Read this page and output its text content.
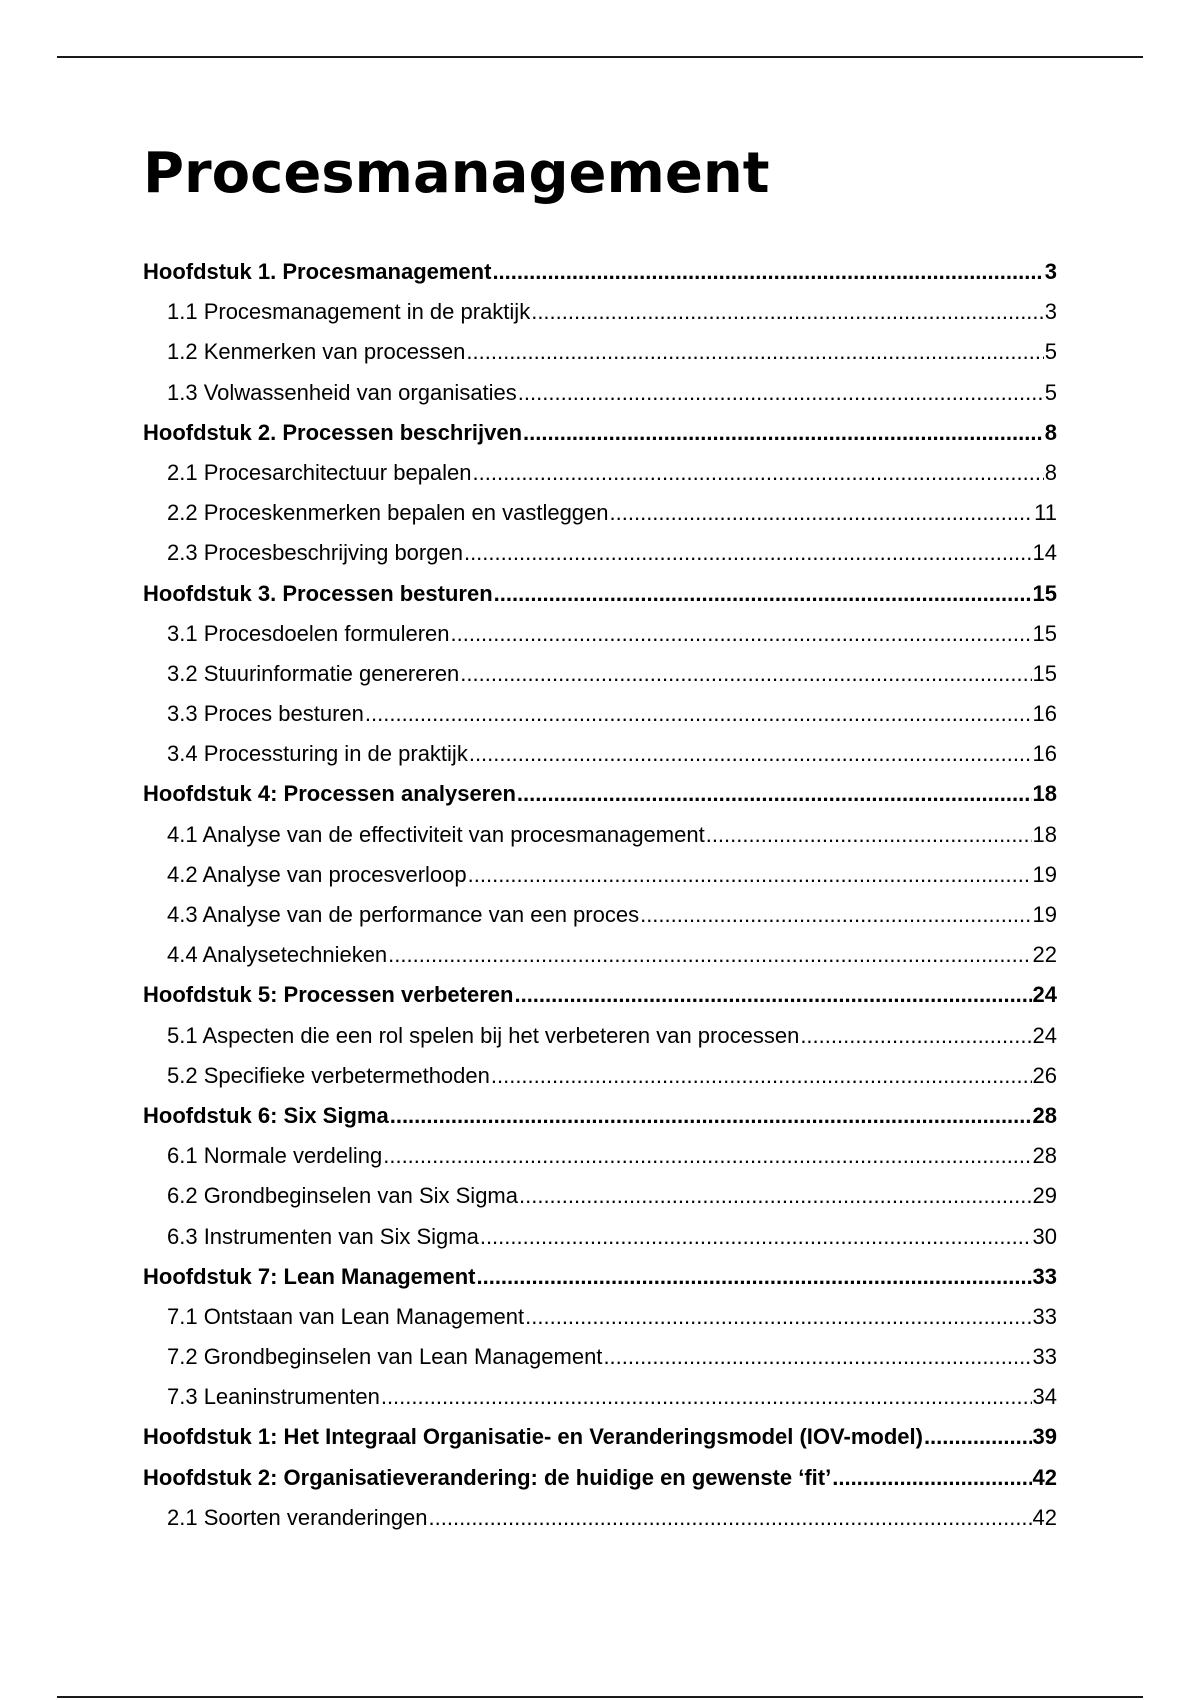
Procesmanagement
Hoofdstuk 1. Procesmanagement .....	3
1.1 Procesmanagement in de praktijk .....	3
1.2 Kenmerken van processen .....	5
1.3 Volwassenheid van organisaties .....	5
Hoofdstuk 2. Processen beschrijven .....	8
2.1 Procesarchitectuur bepalen .....	8
2.2 Proceskenmerken bepalen en vastleggen .....	11
2.3 Procesbeschrijving borgen .....	14
Hoofdstuk 3. Processen besturen .....	15
3.1 Procesdoelen formuleren .....	15
3.2 Stuurinformatie genereren .....	15
3.3 Proces besturen .....	16
3.4 Processturing in de praktijk .....	16
Hoofdstuk 4: Processen analyseren .....	18
4.1 Analyse van de effectiviteit van procesmanagement .....	18
4.2 Analyse van procesverloop .....	19
4.3 Analyse van de performance van een proces .....	19
4.4 Analysetechnieken .....	22
Hoofdstuk 5: Processen verbeteren .....	24
5.1 Aspecten die een rol spelen bij het verbeteren van processen .....	24
5.2 Specifieke verbetermethoden .....	26
Hoofdstuk 6: Six Sigma .....	28
6.1 Normale verdeling .....	28
6.2 Grondbeginselen van Six Sigma .....	29
6.3 Instrumenten van Six Sigma .....	30
Hoofdstuk 7: Lean Management .....	33
7.1 Ontstaan van Lean Management .....	33
7.2 Grondbeginselen van Lean Management .....	33
7.3 Leaninstrumenten .....	34
Hoofdstuk 1: Het Integraal Organisatie- en Veranderingsmodel (IOV-model) .....	39
Hoofdstuk 2: Organisatieverandering: de huidige en gewenste ‘fit’ .....	42
2.1 Soorten veranderingen .....	42
